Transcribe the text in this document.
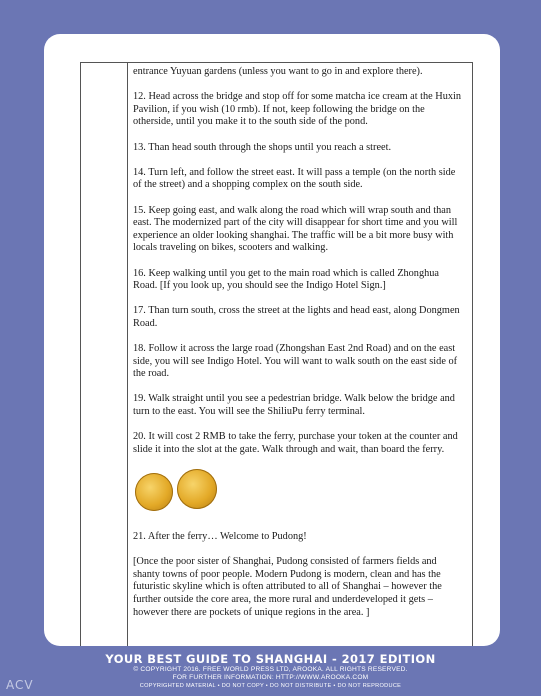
entrance Yuyuan gardens (unless you want to go in and explore there).

12. Head across the bridge and stop off for some matcha ice cream at the Huxin Pavilion, if you wish (10 rmb). If not, keep following the bridge on the otherside, until you make it to the south side of the pond.

13. Than head south through the shops until you reach a street.

14. Turn left, and follow the street east. It will pass a temple (on the north side of the street) and a shopping complex on the south side.

15. Keep going east, and walk along the road which will wrap south and than east. The modernized part of the city will disappear for short time and you will experience an older looking shanghai. The traffic will be a bit more busy with locals traveling on bikes, scooters and walking.

16. Keep walking until you get to the main road which is called Zhonghua Road. [If you look up, you should see the Indigo Hotel Sign.]

17. Than turn south, cross the street at the lights and head east, along Dongmen Road.

18. Follow it across the large road (Zhongshan East 2nd Road) and on the east side, you will see Indigo Hotel. You will want to walk south on the east side of the road.

19. Walk straight until you see a pedestrian bridge. Walk below the bridge and turn to the east. You will see the ShiliuPu ferry terminal.

20. It will cost 2 RMB to take the ferry, purchase your token at the counter and slide it into the slot at the gate. Walk through and wait, than board the ferry.

21. After the ferry… Welcome to Pudong!

[Once the poor sister of Shanghai, Pudong consisted of farmers fields and shanty towns of poor people. Modern Pudong is modern, clean and has the futuristic skyline which is often attributed to all of Shanghai – however the further outside the core area, the more rural and underdeveloped it gets – however there are pockets of unique regions in the area. ]

YOUR BEST GUIDE TO SHANGHAI - 2017 EDITION
© COPYRIGHT 2016. FREE WORLD PRESS LTD, AROOKA. ALL RIGHTS RESERVED.
FOR FURTHER INFORMATION: HTTP://WWW.AROOKA.COM
COPYRIGHTED MATERIAL • DO NOT COPY • DO NOT DISTRIBUTE • DO NOT REPRODUCE
ACV
